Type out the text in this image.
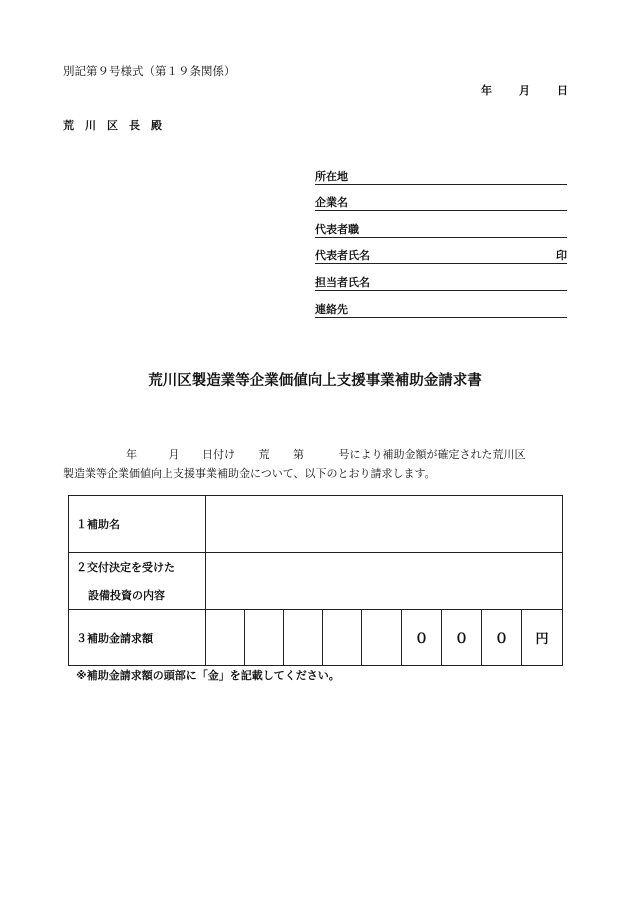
別記第９号様式（第１９条関係）
年 月 日
荒川区長殿
所在地
企業名
代表者職
代表者氏名	印
担当者氏名
連絡先
荒川区製造業等企業価値向上支援事業補助金請求書
年	月 日付け 荒 第	号により補助金額が確定された荒川区
製造業等企業価値向上支援事業補助金について、以下のとおり請求します。
１補助名									

２交付決定を受けた
設備投資の内容									

３補助金請求額						０	０	０	円
※補助金請求額の頭部に「金」を記載してください。
